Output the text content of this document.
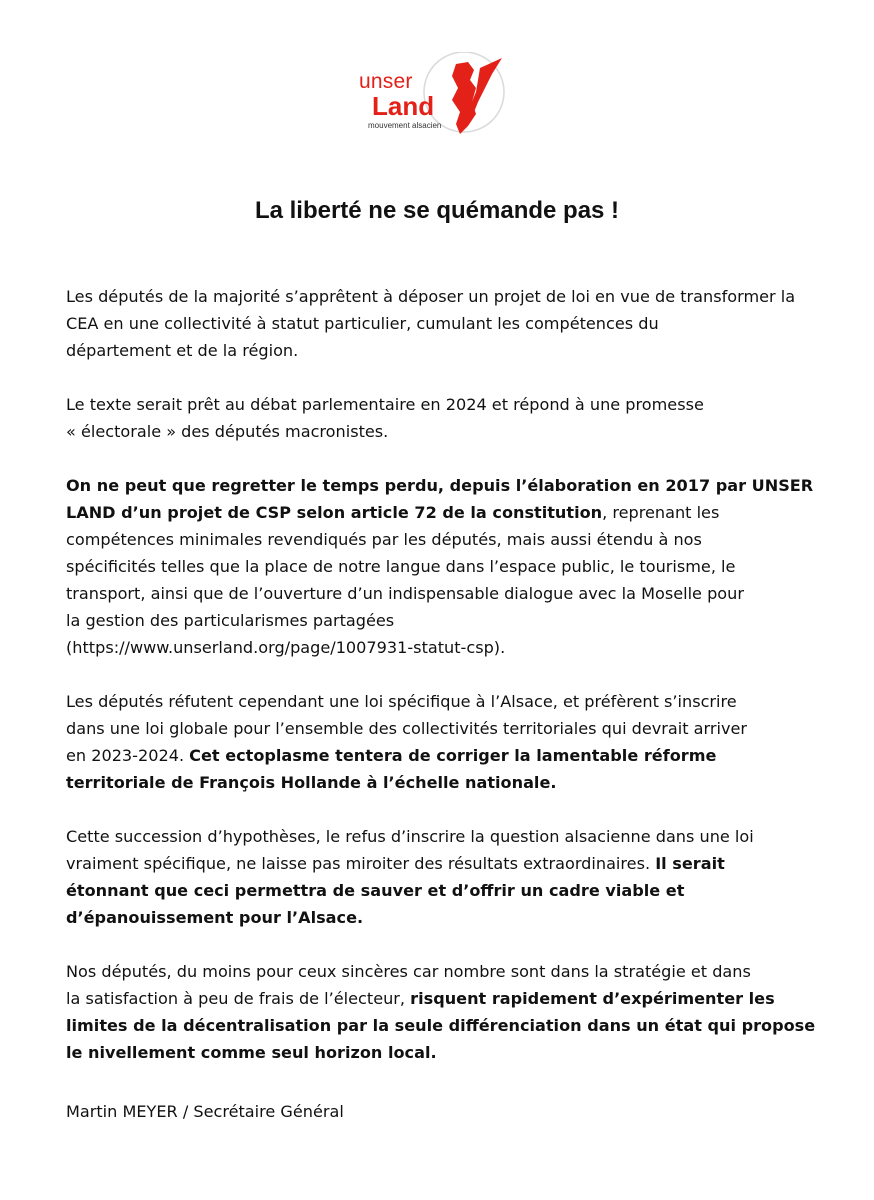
unser
Land
mouvement alsacien
La liberté ne se quémande pas !

Les députés de la majorité s’apprêtent à déposer un projet de loi en vue de transformer la
CEA en une collectivité à statut particulier, cumulant les compétences du
département et de la région.

Le texte serait prêt au débat parlementaire en 2024 et répond à une promesse
« électorale » des députés macronistes.

On ne peut que regretter le temps perdu, depuis l’élaboration en 2017 par UNSER
LAND d’un projet de CSP selon article 72 de la constitution, reprenant les
compétences minimales revendiqués par les députés, mais aussi étendu à nos
spécificités telles que la place de notre langue dans l’espace public, le tourisme, le
transport, ainsi que de l’ouverture d’un indispensable dialogue avec la Moselle pour
la gestion des particularismes partagées
(https://www.unserland.org/page/1007931-statut-csp).

Les députés réfutent cependant une loi spécifique à l’Alsace, et préfèrent s’inscrire
dans une loi globale pour l’ensemble des collectivités territoriales qui devrait arriver
en 2023-2024. Cet ectoplasme tentera de corriger la lamentable réforme
territoriale de François Hollande à l’échelle nationale.

Cette succession d’hypothèses, le refus d’inscrire la question alsacienne dans une loi
vraiment spécifique, ne laisse pas miroiter des résultats extraordinaires. Il serait
étonnant que ceci permettra de sauver et d’offrir un cadre viable et
d’épanouissement pour l’Alsace.

Nos députés, du moins pour ceux sincères car nombre sont dans la stratégie et dans
la satisfaction à peu de frais de l’électeur, risquent rapidement d’expérimenter les
limites de la décentralisation par la seule différenciation dans un état qui propose
le nivellement comme seul horizon local.

Martin MEYER / Secrétaire Général
